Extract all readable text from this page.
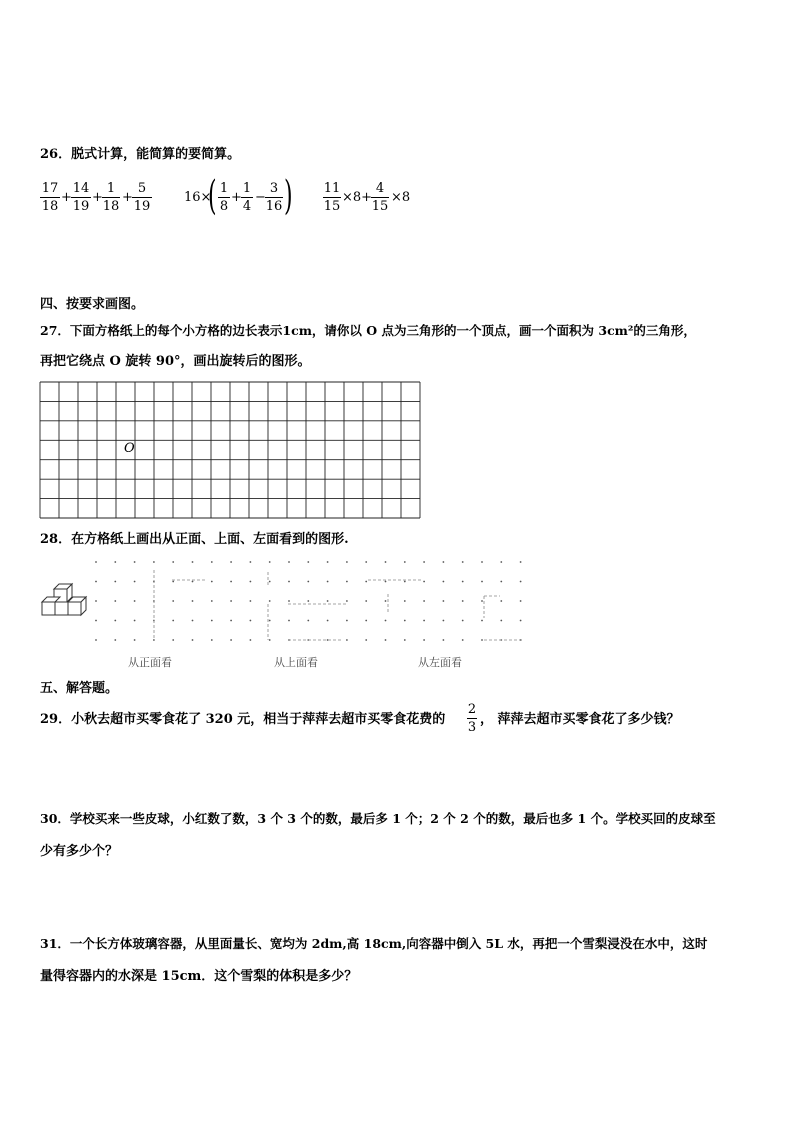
26．脱式计算，能简算的要简算。
17
18
+
14
19
+
1
18
+
5
19
16×
( 1
8
+
1
4
−
3
16 ) 11
15
×8+
4
15
×8
四、按要求画图。
27．下面方格纸上的每个小方格的边长表示1cm，请你以 O 点为三角形的一个顶点，画一个面积为 3cm²的三角形，
再把它绕点 O 旋转 90°，画出旋转后的图形。
O
28．在方格纸上画出从正面、上面、左面看到的图形.
从正面看	从上面看	从左面看
五、解答题。
29．小秋去超市买零食花了 320 元，相当于萍萍去超市买零食花费的
2
3
， 萍萍去超市买零食花了多少钱？
30．学校买来一些皮球，小红数了数，3 个 3 个的数，最后多 1 个；2 个 2 个的数，最后也多 1 个。学校买回的皮球至
少有多少个？
31．一个长方体玻璃容器，从里面量长、宽均为 2dm,高 18cm,向容器中倒入 5L 水，再把一个雪梨浸没在水中，这时
量得容器内的水深是 15cm．这个雪梨的体积是多少？
